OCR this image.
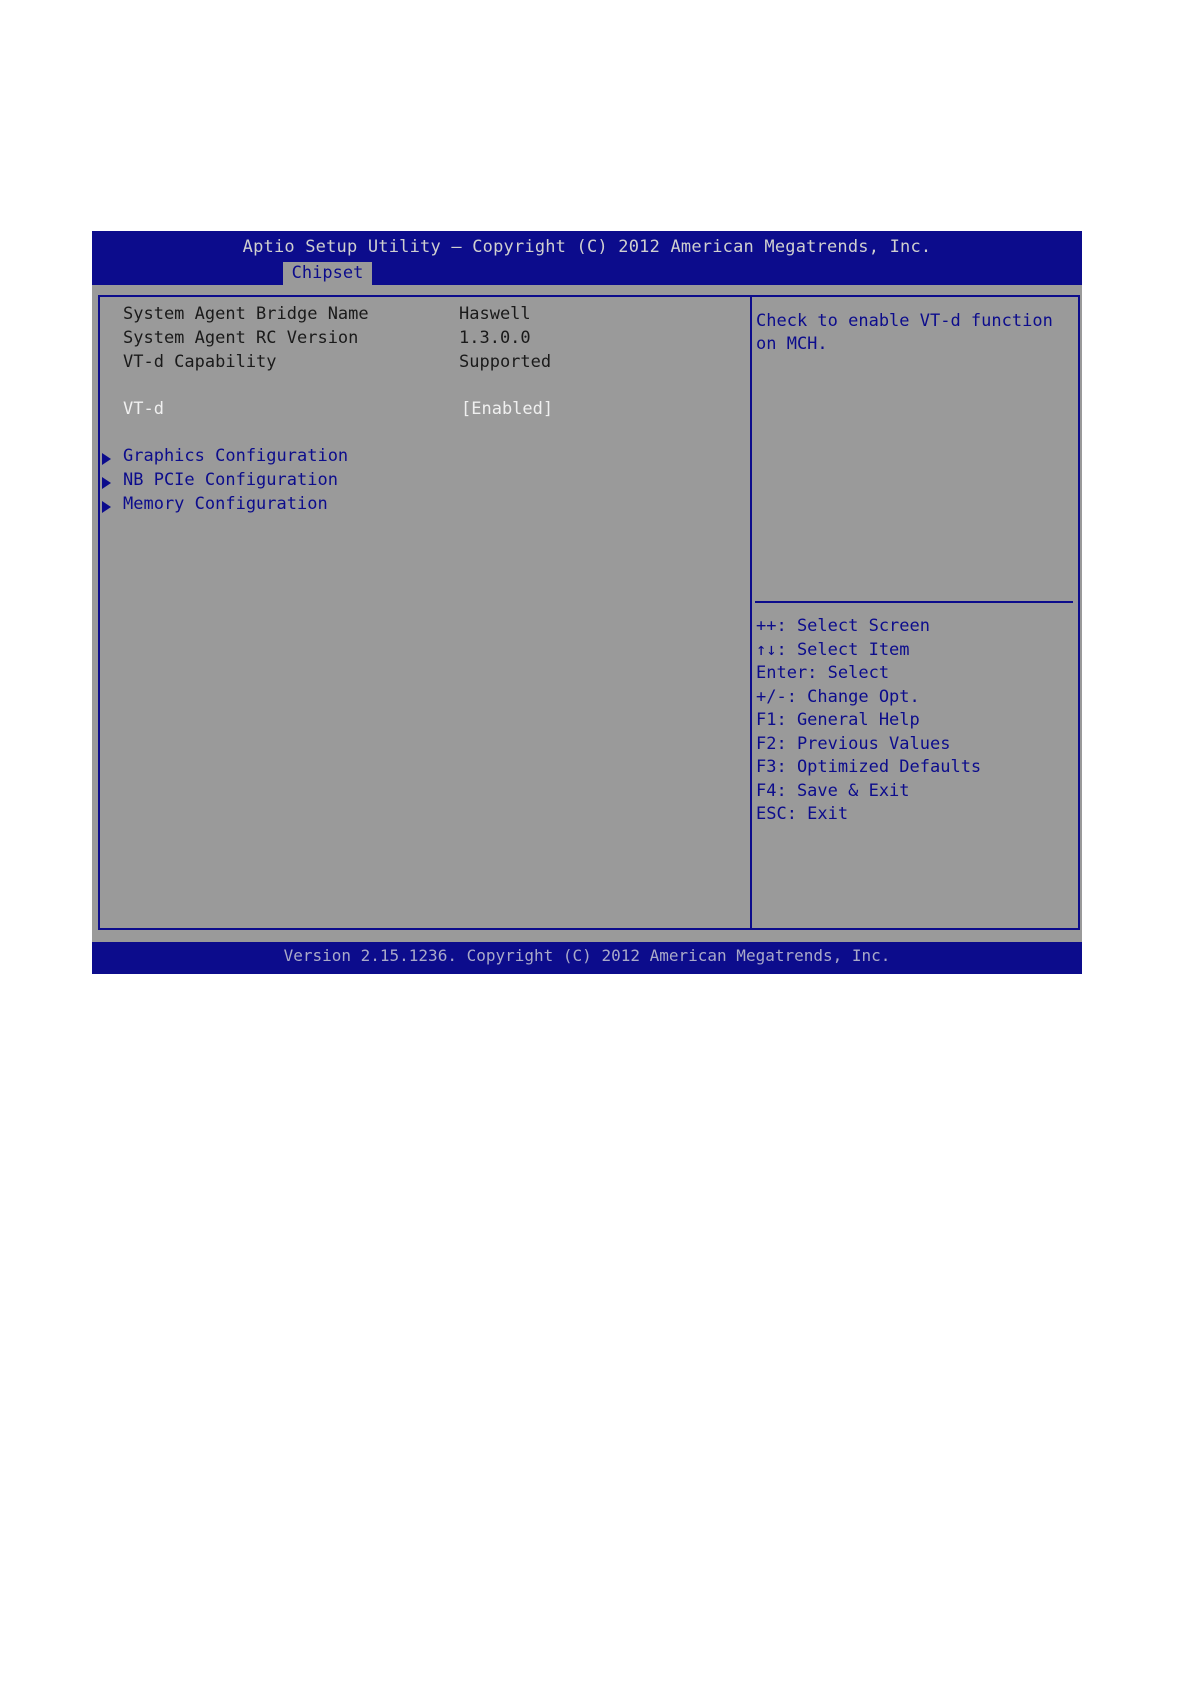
Aptio Setup Utility – Copyright (C) 2012 American Megatrends, Inc.
Chipset
System Agent Bridge Name	Haswell
System Agent RC Version	1.3.0.0
VT-d Capability	Supported
VT-d	[Enabled]
Graphics Configuration
NB PCIe Configuration
Memory Configuration
Check to enable VT-d function on MCH.
++: Select Screen
↑↓: Select Item
Enter: Select
+/-: Change Opt.
F1: General Help
F2: Previous Values
F3: Optimized Defaults
F4: Save & Exit
ESC: Exit
Version 2.15.1236. Copyright (C) 2012 American Megatrends, Inc.
